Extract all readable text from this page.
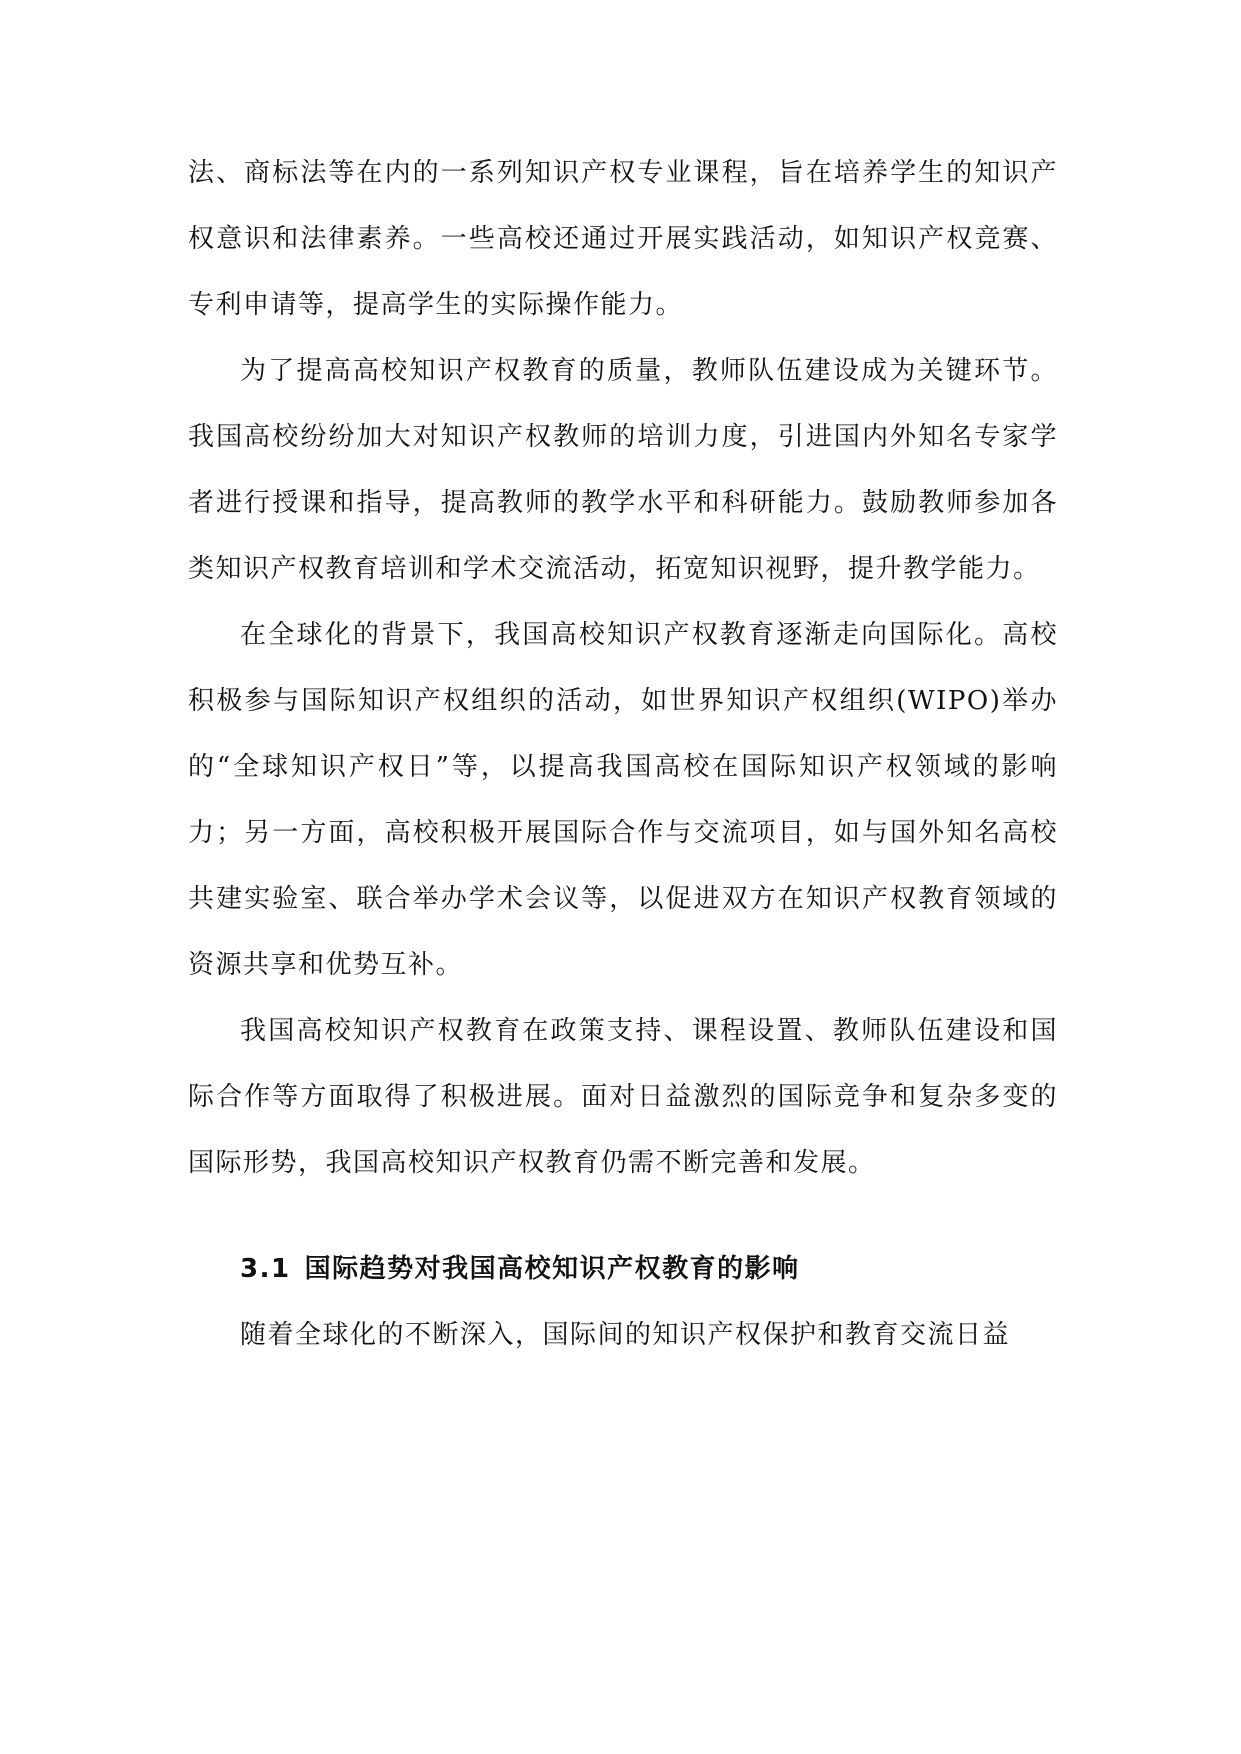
法、商标法等在内的一系列知识产权专业课程，旨在培养学生的知识产权意识和法律素养。一些高校还通过开展实践活动，如知识产权竞赛、专利申请等，提高学生的实际操作能力。

为了提高高校知识产权教育的质量，教师队伍建设成为关键环节。我国高校纷纷加大对知识产权教师的培训力度，引进国内外知名专家学者进行授课和指导，提高教师的教学水平和科研能力。鼓励教师参加各类知识产权教育培训和学术交流活动，拓宽知识视野，提升教学能力。

在全球化的背景下，我国高校知识产权教育逐渐走向国际化。高校积极参与国际知识产权组织的活动，如世界知识产权组织(WIPO)举办的“全球知识产权日”等，以提高我国高校在国际知识产权领域的影响力；另一方面，高校积极开展国际合作与交流项目，如与国外知名高校共建实验室、联合举办学术会议等，以促进双方在知识产权教育领域的资源共享和优势互补。

我国高校知识产权教育在政策支持、课程设置、教师队伍建设和国际合作等方面取得了积极进展。面对日益激烈的国际竞争和复杂多变的国际形势，我国高校知识产权教育仍需不断完善和发展。

3.1 国际趋势对我国高校知识产权教育的影响

随着全球化的不断深入，国际间的知识产权保护和教育交流日益
